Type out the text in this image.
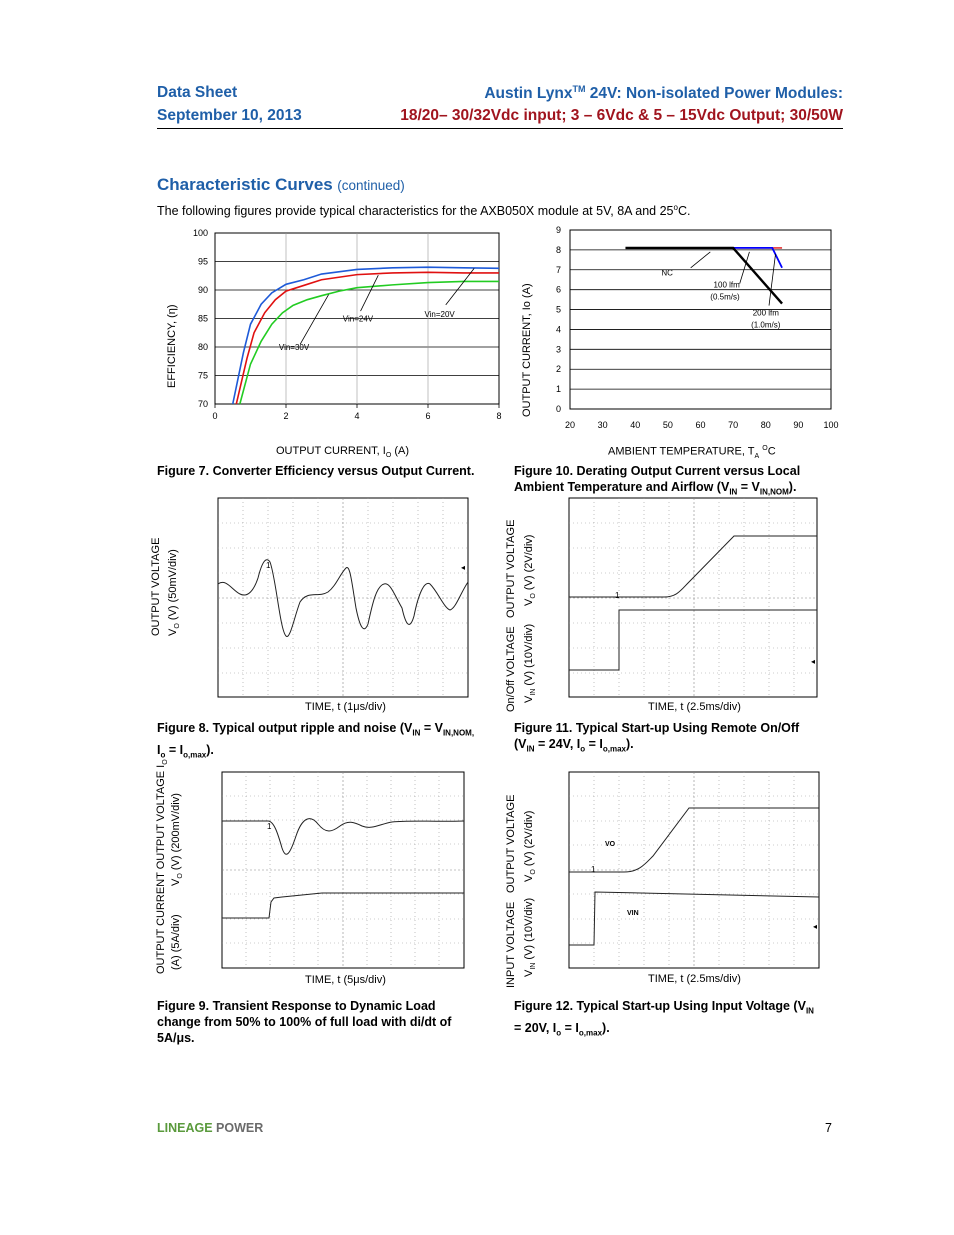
Data Sheet
September 10, 2013
Austin Lynx™ 24V: Non-isolated Power Modules:
18/20– 30/32Vdc input; 3 – 6Vdc & 5 – 15Vdc Output; 30/50W
Characteristic Curves (continued)
The following figures provide typical characteristics for the AXB050X module at 5V, 8A and 25$^o$C.
100
95
90
85
80
75
70
0	2	4	6	8
Vin=24V
Vin=20V
Vin=30V
EFFICIENCY, (η)
OUTPUT CURRENT, $I_O$ (A)
Figure 7. Converter Efficiency versus Output Current.
9
8
7
6
5
4
3
2
1
0
20	30	40	50	60	70	80	90 100
NC
100 lfm
(0.5m/s)
200 lfm
(1.0m/s)
OUTPUT CURRENT, Io (A)
AMBIENT TEMPERATURE, $T_A$ $^O$C
Figure 10. Derating Output Current versus Local
Ambient Temperature and Airflow $(V_{IN} = V_{IN,NOM})$.
1	◂
OUTPUT VOLTAGE $V_O$ (V) (50mV/div)
TIME, t (1μs/div)
Figure 8. Typical output ripple and noise ($V_{IN} = V_{IN,NOM,}$
$I_o = I_{o,max}$).
1
◂
OUTPUT VOLTAGE $V_O$ (V) (2V/div)
On/Off VOLTAGE $V_{IN}$ (V) (10V/div)
TIME, t (2.5ms/div)
Figure 11. Typical Start-up Using Remote On/Off
($V_{IN} = 24V$, $I_o = I_{o,max}$).
1
OUTPUT CURRENT OUTPUT VOLTAGE $I_O$
$V_O$ (V) (200mV/div)
(A) (5A/div)
TIME, t (5μs/div)
Figure 9. Transient Response to Dynamic Load
change from 50% to 100% of full load with di/dt of
5A/μs.
1
VO
VIN
◂
OUTPUT VOLTAGE $V_O$ (V) (2V/div)
INPUT VOLTAGE $V_{IN}$ (V) (10V/div)
TIME, t (2.5ms/div)
Figure 12. Typical Start-up Using Input Voltage ($V_{IN}$
= 20V, $I_o = I_{o,max}$).
LINEAGE POWER	7
